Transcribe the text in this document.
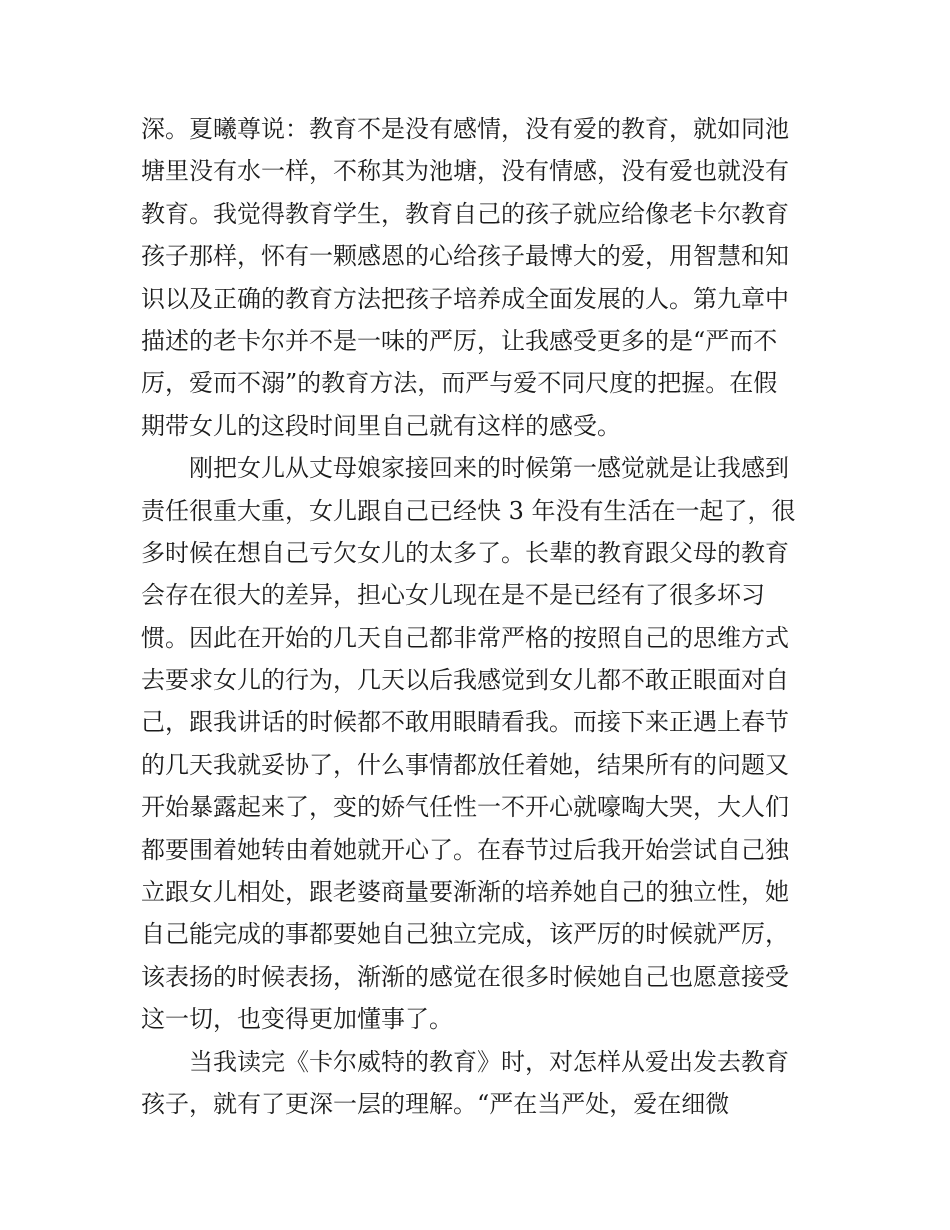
深。夏曦尊说：教育不是没有感情，没有爱的教育，就如同池
塘里没有水一样，不称其为池塘，没有情感，没有爱也就没有
教育。我觉得教育学生，教育自己的孩子就应给像老卡尔教育
孩子那样，怀有一颗感恩的心给孩子最博大的爱，用智慧和知
识以及正确的教育方法把孩子培养成全面发展的人。第九章中
描述的老卡尔并不是一味的严厉，让我感受更多的是“严而不
厉，爱而不溺”的教育方法，而严与爱不同尺度的把握。在假
期带女儿的这段时间里自己就有这样的感受。
刚把女儿从丈母娘家接回来的时候第一感觉就是让我感到
责任很重大重，女儿跟自己已经快 3 年没有生活在一起了，很
多时候在想自己亏欠女儿的太多了。长辈的教育跟父母的教育
会存在很大的差异，担心女儿现在是不是已经有了很多坏习
惯。因此在开始的几天自己都非常严格的按照自己的思维方式
去要求女儿的行为，几天以后我感觉到女儿都不敢正眼面对自
己，跟我讲话的时候都不敢用眼睛看我。而接下来正遇上春节
的几天我就妥协了，什么事情都放任着她，结果所有的问题又
开始暴露起来了，变的娇气任性一不开心就嚎啕大哭，大人们
都要围着她转由着她就开心了。在春节过后我开始尝试自己独
立跟女儿相处，跟老婆商量要渐渐的培养她自己的独立性，她
自己能完成的事都要她自己独立完成，该严厉的时候就严厉，
该表扬的时候表扬，渐渐的感觉在很多时候她自己也愿意接受
这一切，也变得更加懂事了。
当我读完《卡尔威特的教育》时，对怎样从爱出发去教育
孩子，就有了更深一层的理解。“严在当严处，爱在细微
